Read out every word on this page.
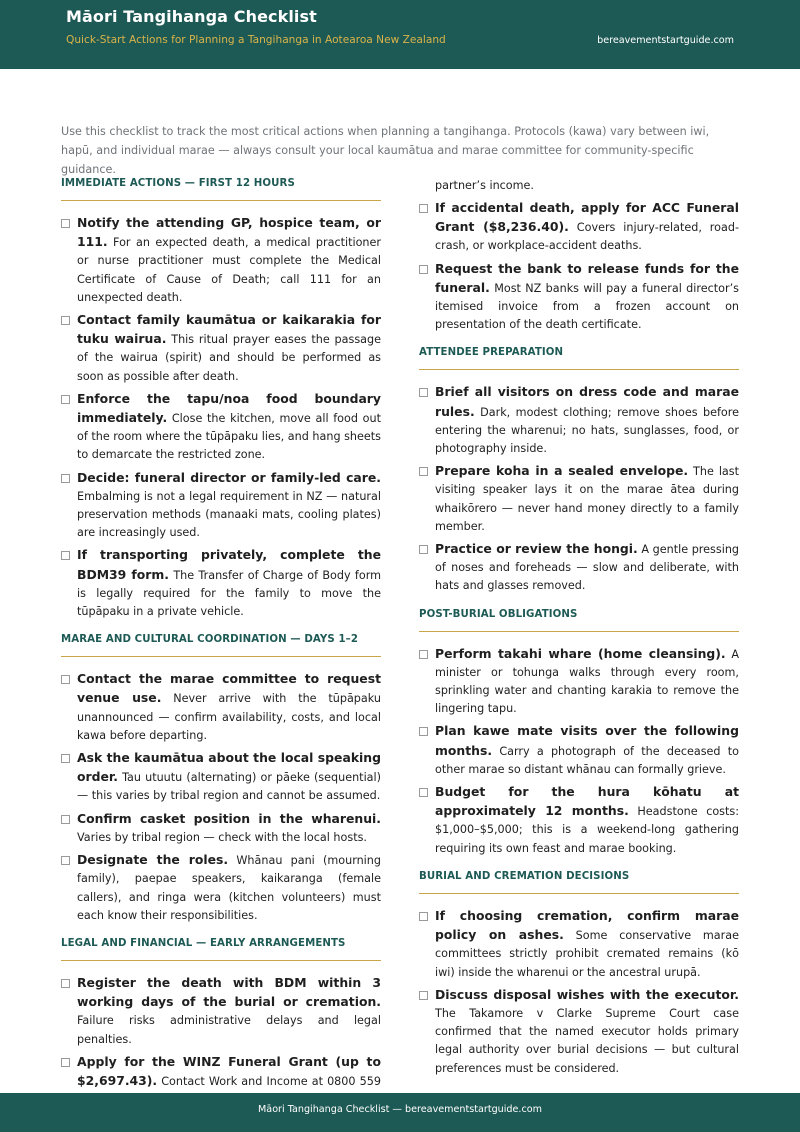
Māori Tangihanga Checklist
Quick-Start Actions for Planning a Tangihanga in Aotearoa New Zealand	bereavementstartguide.com

Use this checklist to track the most critical actions when planning a tangihanga. Protocols (kawa) vary between iwi, hapū, and individual marae — always consult your local kaumātua and marae committee for community-specific guidance.

IMMEDIATE ACTIONS — FIRST 12 HOURS
Notify the attending GP, hospice team, or 111. For an expected death, a medical practitioner or nurse practitioner must complete the Medical Certificate of Cause of Death; call 111 for an unexpected death.
Contact family kaumātua or kaikarakia for tuku wairua. This ritual prayer eases the passage of the wairua (spirit) and should be performed as soon as possible after death.
Enforce the tapu/noa food boundary immediately. Close the kitchen, move all food out of the room where the tūpāpaku lies, and hang sheets to demarcate the restricted zone.
Decide: funeral director or family-led care. Embalming is not a legal requirement in NZ — natural preservation methods (manaaki mats, cooling plates) are increasingly used.
If transporting privately, complete the BDM39 form. The Transfer of Charge of Body form is legally required for the family to move the tūpāpaku in a private vehicle.
MARAE AND CULTURAL COORDINATION — DAYS 1–2
Contact the marae committee to request venue use. Never arrive with the tūpāpaku unannounced — confirm availability, costs, and local kawa before departing.
Ask the kaumātua about the local speaking order. Tau utuutu (alternating) or pāeke (sequential) — this varies by tribal region and cannot be assumed.
Confirm casket position in the wharenui. Varies by tribal region — check with the local hosts.
Designate the roles. Whānau pani (mourning family), paepae speakers, kaikaranga (female callers), and ringa wera (kitchen volunteers) must each know their responsibilities.
LEGAL AND FINANCIAL — EARLY ARRANGEMENTS
Register the death with BDM within 3 working days of the burial or cremation. Failure risks administrative delays and legal penalties.
Apply for the WINZ Funeral Grant (up to $2,697.43). Contact Work and Income at 0800 559
partner’s income.
If accidental death, apply for ACC Funeral Grant ($8,236.40). Covers injury-related, road-crash, or workplace-accident deaths.
Request the bank to release funds for the funeral. Most NZ banks will pay a funeral director’s itemised invoice from a frozen account on presentation of the death certificate.
ATTENDEE PREPARATION
Brief all visitors on dress code and marae rules. Dark, modest clothing; remove shoes before entering the wharenui; no hats, sunglasses, food, or photography inside.
Prepare koha in a sealed envelope. The last visiting speaker lays it on the marae ātea during whaikōrero — never hand money directly to a family member.
Practice or review the hongi. A gentle pressing of noses and foreheads — slow and deliberate, with hats and glasses removed.
POST-BURIAL OBLIGATIONS
Perform takahi whare (home cleansing). A minister or tohunga walks through every room, sprinkling water and chanting karakia to remove the lingering tapu.
Plan kawe mate visits over the following months. Carry a photograph of the deceased to other marae so distant whānau can formally grieve.
Budget for the hura kōhatu at approximately 12 months. Headstone costs: $1,000–$5,000; this is a weekend-long gathering requiring its own feast and marae booking.
BURIAL AND CREMATION DECISIONS
If choosing cremation, confirm marae policy on ashes. Some conservative marae committees strictly prohibit cremated remains (kō iwi) inside the wharenui or the ancestral urupā.
Discuss disposal wishes with the executor. The Takamore v Clarke Supreme Court case confirmed that the named executor holds primary legal authority over burial decisions — but cultural preferences must be considered.
Māori Tangihanga Checklist — bereavementstartguide.com
